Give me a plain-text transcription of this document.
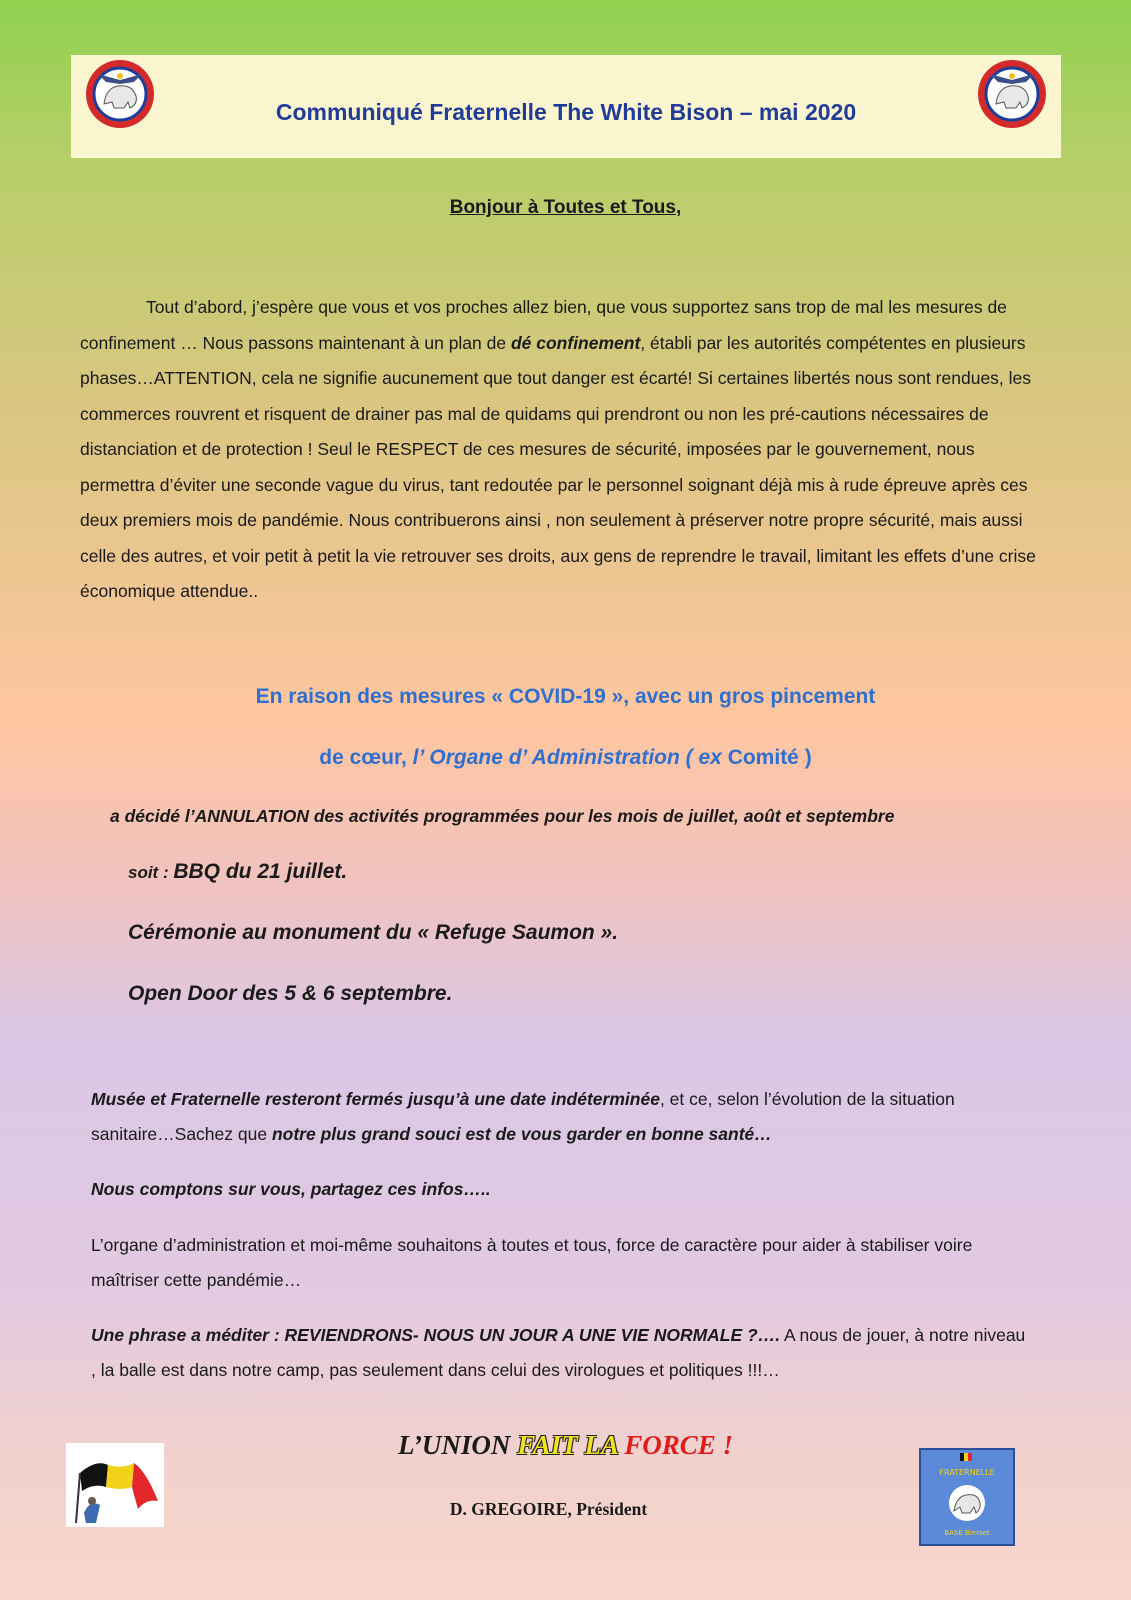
Communiqué Fraternelle The White Bison – mai 2020
Bonjour à Toutes et Tous,

Tout d’abord, j’espère que vous et vos proches allez bien, que vous supportez sans trop de mal les mesures de confinement … Nous passons maintenant à un plan de dé confinement, établi par les autorités compétentes en plusieurs phases…ATTENTION, cela ne signifie aucunement que tout danger est écarté! Si certaines libertés nous sont rendues, les commerces rouvrent et risquent de drainer pas mal de quidams qui prendront ou non les pré-cautions nécessaires de distanciation et de protection ! Seul le RESPECT de ces mesures de sécurité, imposées par le gouvernement, nous permettra d’éviter une seconde vague du virus, tant redoutée par le personnel soignant déjà mis à rude épreuve après ces deux premiers mois de pandémie. Nous contribuerons ainsi , non seulement à préserver notre propre sécurité, mais aussi celle des autres, et voir petit à petit la vie retrouver ses droits, aux gens de reprendre le travail, limitant les effets d’une crise économique attendue..

En raison des mesures « COVID-19 », avec un gros pincement
de cœur, l’ Organe d’ Administration ( ex Comité )
a décidé l’ANNULATION des activités programmées pour les mois de juillet, août et septembre
soit : BBQ du 21 juillet.
Cérémonie au monument du « Refuge Saumon ».
Open Door des 5 & 6 septembre.

Musée et Fraternelle resteront fermés jusqu’à une date indéterminée, et ce, selon l’évolution de la situation sanitaire…Sachez que notre plus grand souci est de vous garder en bonne santé…

Nous comptons sur vous, partagez ces infos…..

L’organe d’administration et moi-même souhaitons à toutes et tous, force de caractère pour aider à stabiliser voire maîtriser cette pandémie…

Une phrase a méditer : REVIENDRONS- NOUS UN JOUR A UNE VIE NORMALE ?…. A nous de jouer, à notre niveau , la balle est dans notre camp, pas seulement dans celui des virologues et politiques !!!…

L’UNION FAIT LA FORCE !
D. GREGOIRE, Président
FRATERNELLE
BASE Bierset
